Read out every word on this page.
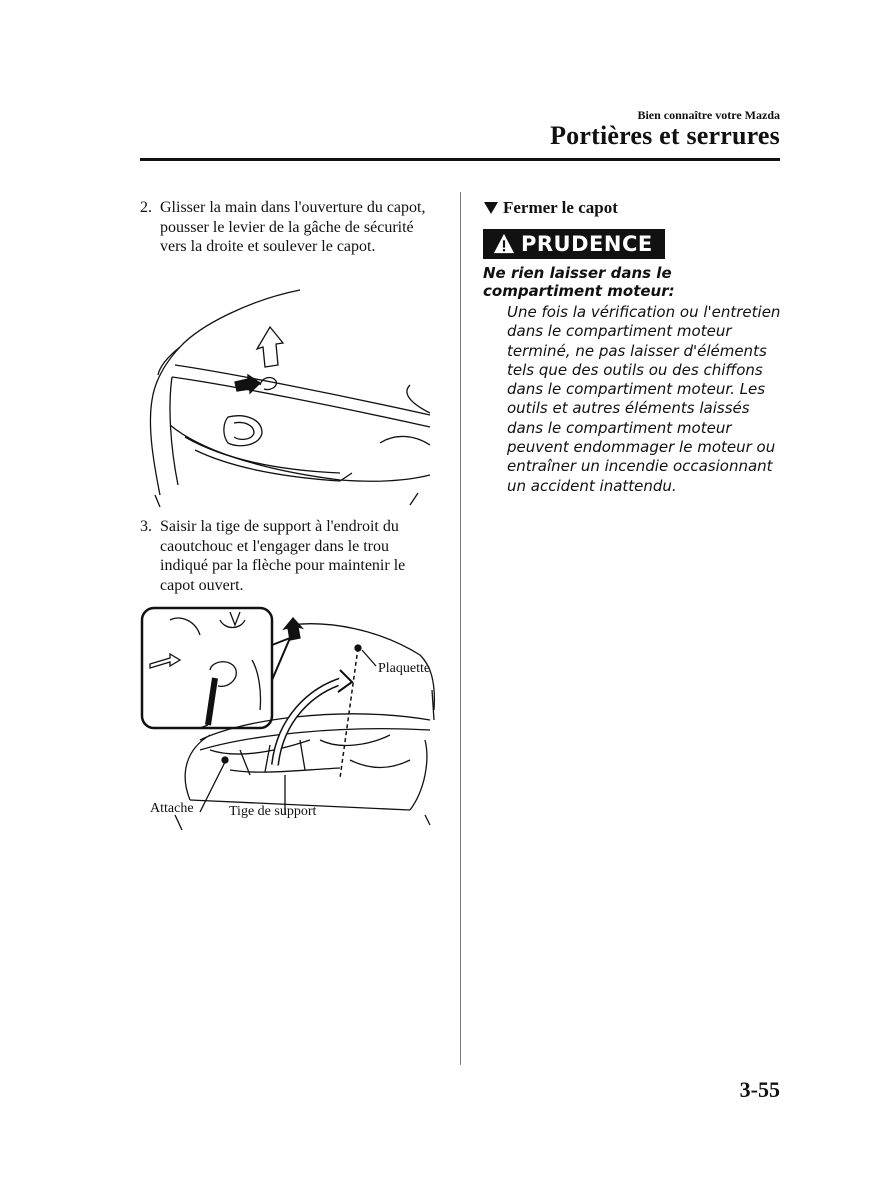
Bien connaître votre Mazda
Portières et serrures
2. Glisser la main dans l'ouverture du capot, pousser le levier de la gâche de sécurité vers la droite et soulever le capot.
3. Saisir la tige de support à l'endroit du caoutchouc et l'engager dans le trou indiqué par la flèche pour maintenir le capot ouvert.
Plaquette
Attache	Tige de support
Fermer le capot
PRUDENCE
Ne rien laisser dans le compartiment moteur:
Une fois la vérification ou l'entretien dans le compartiment moteur terminé, ne pas laisser d'éléments tels que des outils ou des chiffons dans le compartiment moteur. Les outils et autres éléments laissés dans le compartiment moteur peuvent endommager le moteur ou entraîner un incendie occasionnant un accident inattendu.
3-55
